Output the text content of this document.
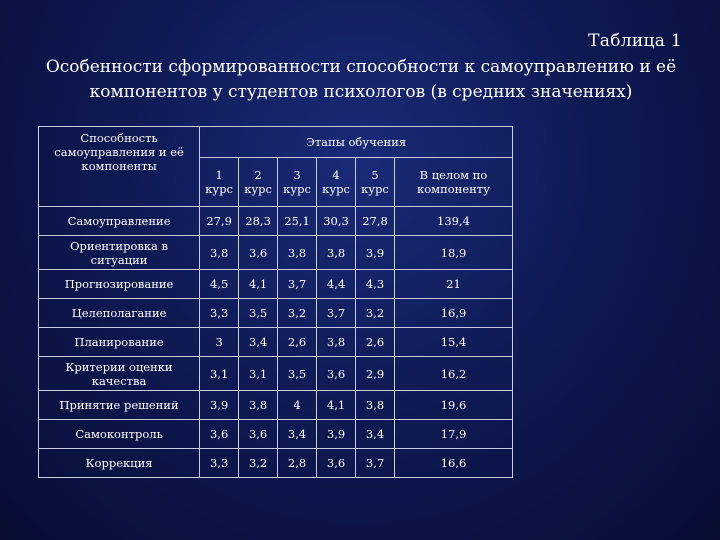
Таблица 1
Особенности сформированности способности к самоуправлению и её компонентов у студентов психологов (в средних значениях)
Способность самоуправления и её компоненты	Этапы обучения					
	1 курс	2 курс	3 курс	4 курс	5 курс	В целом по компоненту
Самоуправление	27,9	28,3	25,1	30,3	27,8	139,4
Ориентировка в ситуации	3,8	3,6	3,8	3,8	3,9	18,9
Прогнозирование	4,5	4,1	3,7	4,4	4,3	21
Целеполагание	3,3	3,5	3,2	3,7	3,2	16,9
Планирование	3	3,4	2,6	3,8	2,6	15,4
Критерии оценки качества	3,1	3,1	3,5	3,6	2,9	16,2
Принятие решений	3,9	3,8	4	4,1	3,8	19,6
Самоконтроль	3,6	3,6	3,4	3,9	3,4	17,9
Коррекция	3,3	3,2	2,8	3,6	3,7	16,6
